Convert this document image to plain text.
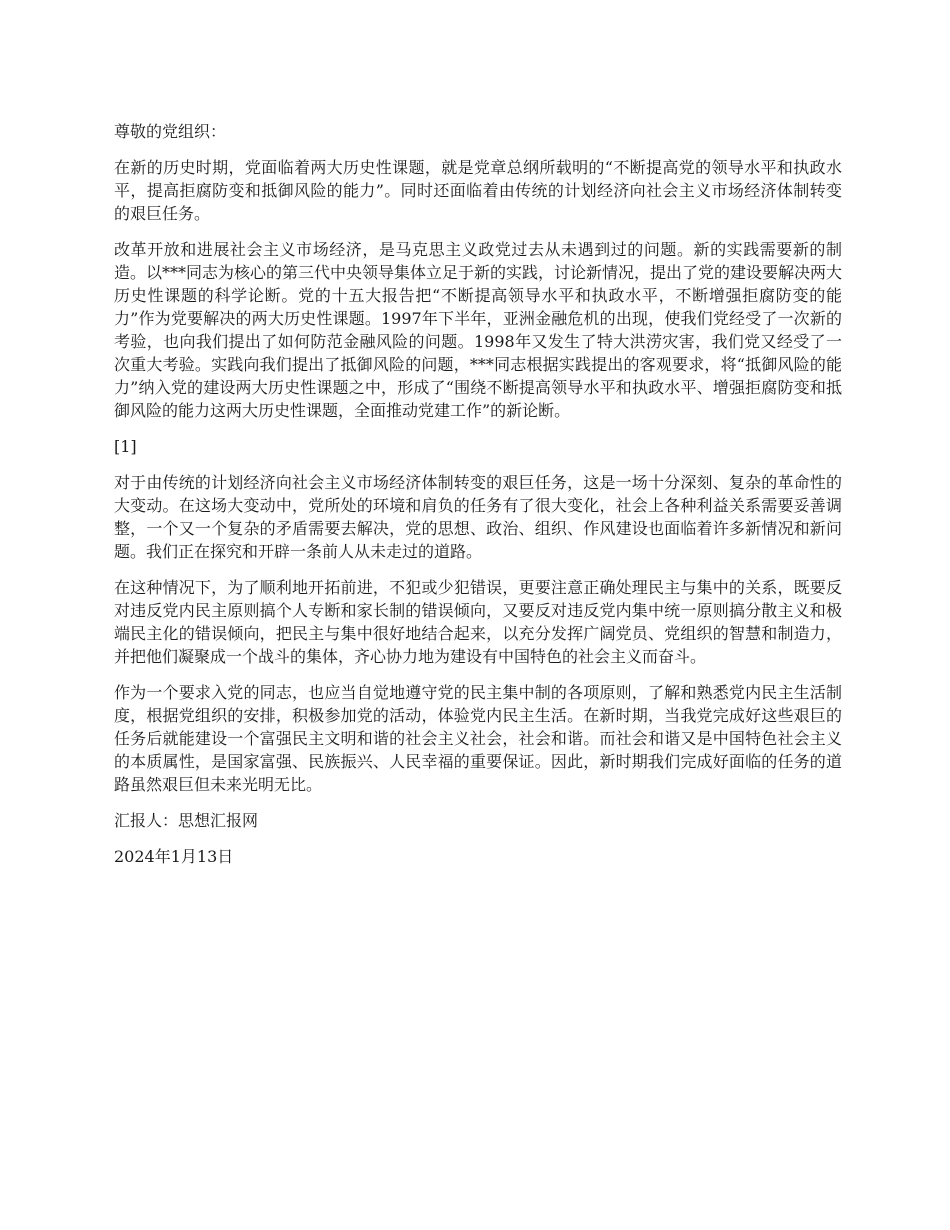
尊敬的党组织：

在新的历史时期，党面临着两大历史性课题，就是党章总纲所载明的“不断提高党的领导水平和执政水平，提高拒腐防变和抵御风险的能力”。同时还面临着由传统的计划经济向社会主义市场经济体制转变的艰巨任务。

改革开放和进展社会主义市场经济，是马克思主义政党过去从未遇到过的问题。新的实践需要新的制造。以***同志为核心的第三代中央领导集体立足于新的实践，讨论新情况，提出了党的建设要解决两大历史性课题的科学论断。党的十五大报告把“不断提高领导水平和执政水平，不断增强拒腐防变的能力”作为党要解决的两大历史性课题。1997年下半年，亚洲金融危机的出现，使我们党经受了一次新的考验，也向我们提出了如何防范金融风险的问题。1998年又发生了特大洪涝灾害，我们党又经受了一次重大考验。实践向我们提出了抵御风险的问题，***同志根据实践提出的客观要求，将“抵御风险的能力”纳入党的建设两大历史性课题之中，形成了“围绕不断提高领导水平和执政水平、增强拒腐防变和抵御风险的能力这两大历史性课题，全面推动党建工作”的新论断。

[1]

对于由传统的计划经济向社会主义市场经济体制转变的艰巨任务，这是一场十分深刻、复杂的革命性的大变动。在这场大变动中，党所处的环境和肩负的任务有了很大变化，社会上各种利益关系需要妥善调整，一个又一个复杂的矛盾需要去解决，党的思想、政治、组织、作风建设也面临着许多新情况和新问题。我们正在探究和开辟一条前人从未走过的道路。

在这种情况下，为了顺利地开拓前进，不犯或少犯错误，更要注意正确处理民主与集中的关系，既要反对违反党内民主原则搞个人专断和家长制的错误倾向，又要反对违反党内集中统一原则搞分散主义和极端民主化的错误倾向，把民主与集中很好地结合起来，以充分发挥广阔党员、党组织的智慧和制造力，并把他们凝聚成一个战斗的集体，齐心协力地为建设有中国特色的社会主义而奋斗。

作为一个要求入党的同志，也应当自觉地遵守党的民主集中制的各项原则，了解和熟悉党内民主生活制度，根据党组织的安排，积极参加党的活动，体验党内民主生活。在新时期，当我党完成好这些艰巨的任务后就能建设一个富强民主文明和谐的社会主义社会，社会和谐。而社会和谐又是中国特色社会主义的本质属性，是国家富强、民族振兴、人民幸福的重要保证。因此，新时期我们完成好面临的任务的道路虽然艰巨但未来光明无比。

汇报人：思想汇报网

2024年1月13日
